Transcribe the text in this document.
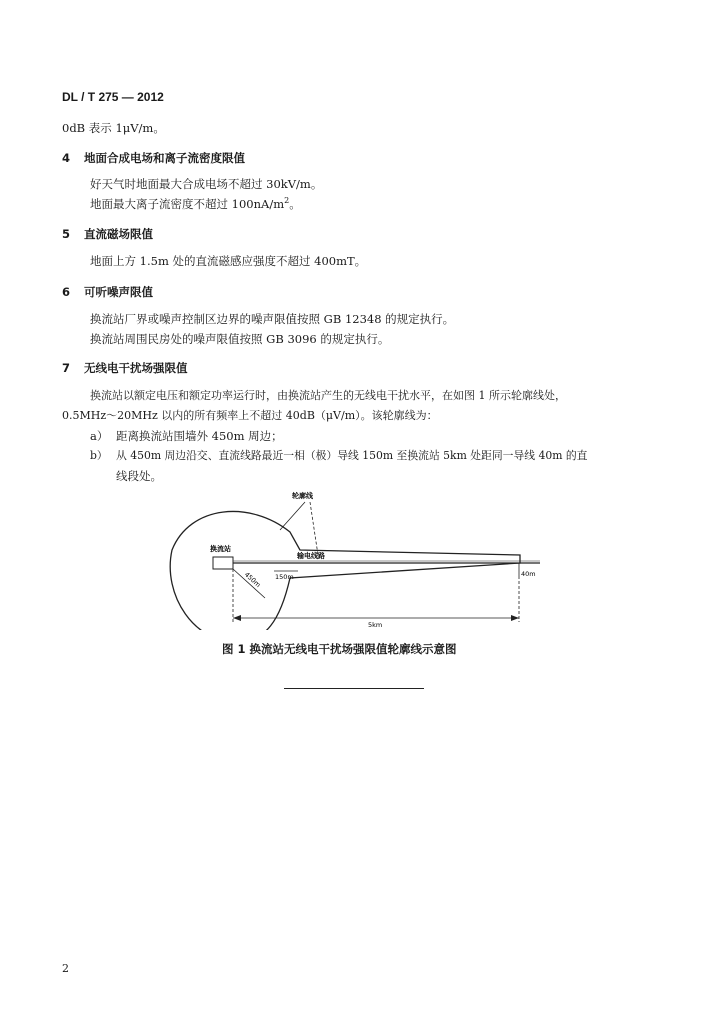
DL / T 275 — 2012
0dB 表示 1μV/m。
4 地面合成电场和离子流密度限值
好天气时地面最大合成电场不超过 30kV/m。
地面最大离子流密度不超过 $100nA/m^2$。
5 直流磁场限值
地面上方 1.5m 处的直流磁感应强度不超过 400mT。
6 可听噪声限值
换流站厂界或噪声控制区边界的噪声限值按照 GB 12348 的规定执行。
换流站周围民房处的噪声限值按照 GB 3096 的规定执行。
7 无线电干扰场强限值
换流站以额定电压和额定功率运行时，由换流站产生的无线电干扰水平，在如图 1 所示轮廓线处，
0.5MHz～20MHz 以内的所有频率上不超过 40dB（μV/m）。该轮廓线为：
a） 距离换流站围墙外 450m 周边；
b） 从 450m 周边沿交、直流线路最近一相（极）导线 150m 至换流站 5km 处距同一导线 40m 的直
线段处。
轮廓线
换流站
输电线路
150m
450m	40m
5km
图 1 换流站无线电干扰场强限值轮廓线示意图
2
